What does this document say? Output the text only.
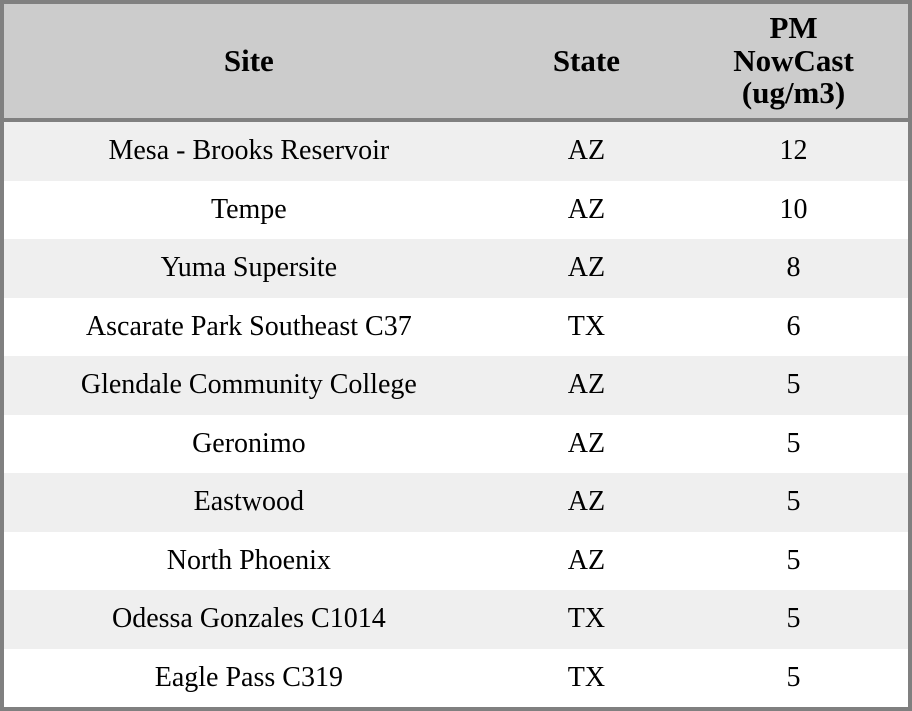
Site	State	PM
NowCast
(ug/m3)

Mesa - Brooks Reservoir	AZ	12
Tempe	AZ	10
Yuma Supersite	AZ	8
Ascarate Park Southeast C37	TX	6
Glendale Community College	AZ	5
Geronimo	AZ	5
Eastwood	AZ	5
North Phoenix	AZ	5
Odessa Gonzales C1014	TX	5
Eagle Pass C319	TX	5
